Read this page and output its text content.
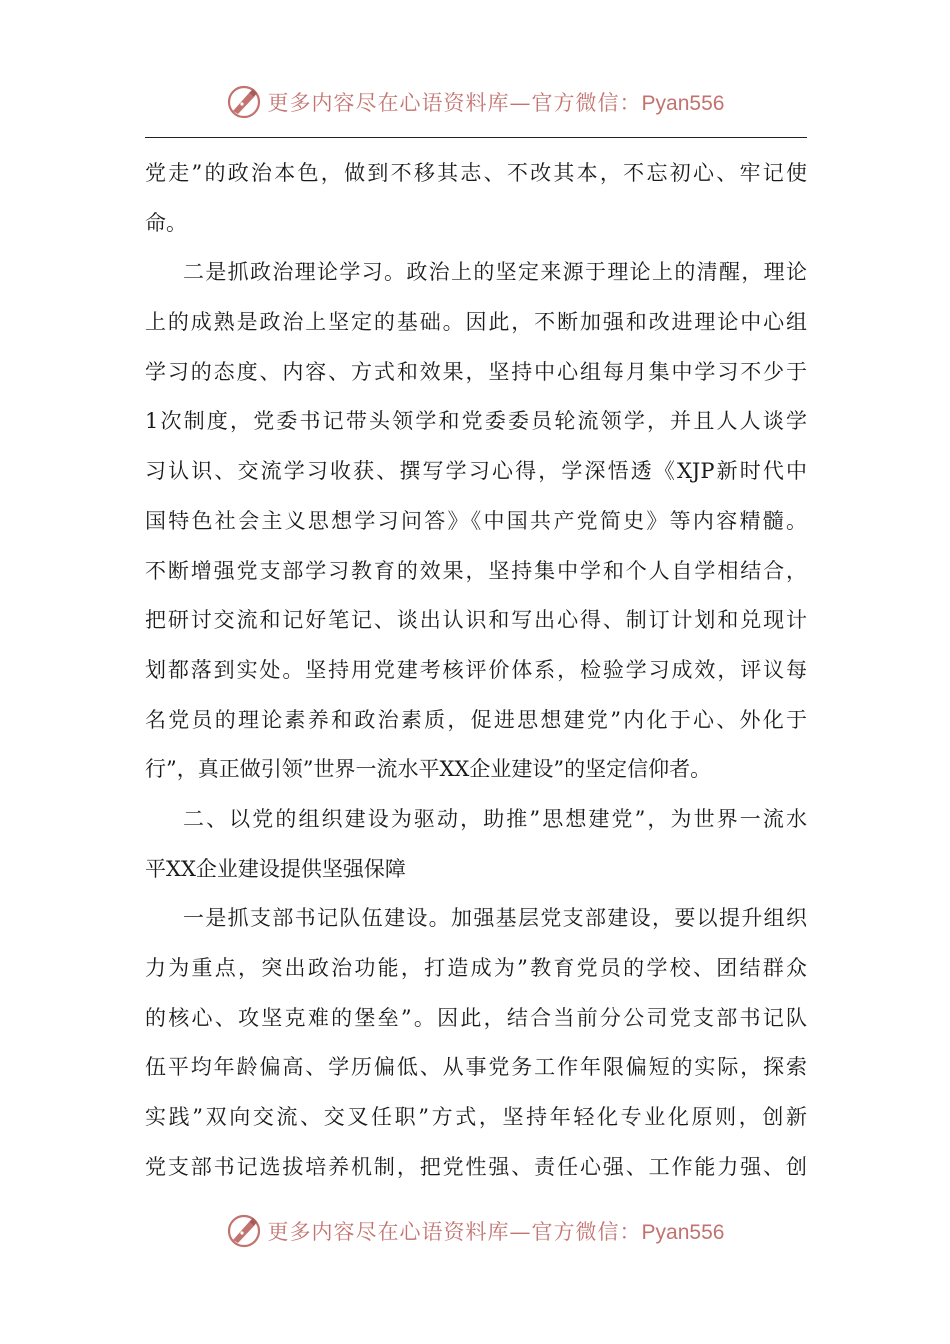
更多内容尽在心语资料库—官方微信：Pyan556
党走”的政治本色，做到不移其志、不改其本，不忘初心、牢记使
命。
二是抓政治理论学习。政治上的坚定来源于理论上的清醒，理论
上的成熟是政治上坚定的基础。因此，不断加强和改进理论中心组
学习的态度、内容、方式和效果，坚持中心组每月集中学习不少于
1次制度，党委书记带头领学和党委委员轮流领学，并且人人谈学
习认识、交流学习收获、撰写学习心得，学深悟透《XJP新时代中
国特色社会主义思想学习问答》《中国共产党简史》等内容精髓。
不断增强党支部学习教育的效果，坚持集中学和个人自学相结合，
把研讨交流和记好笔记、谈出认识和写出心得、制订计划和兑现计
划都落到实处。坚持用党建考核评价体系，检验学习成效，评议每
名党员的理论素养和政治素质，促进思想建党”内化于心、外化于
行”，真正做引领”世界一流水平XX企业建设”的坚定信仰者。
二、以党的组织建设为驱动，助推”思想建党”，为世界一流水
平XX企业建设提供坚强保障
一是抓支部书记队伍建设。加强基层党支部建设，要以提升组织
力为重点，突出政治功能，打造成为”教育党员的学校、团结群众
的核心、攻坚克难的堡垒”。因此，结合当前分公司党支部书记队
伍平均年龄偏高、学历偏低、从事党务工作年限偏短的实际，探索
实践”双向交流、交叉任职”方式，坚持年轻化专业化原则，创新
党支部书记选拔培养机制，把党性强、责任心强、工作能力强、创
更多内容尽在心语资料库—官方微信：Pyan556
